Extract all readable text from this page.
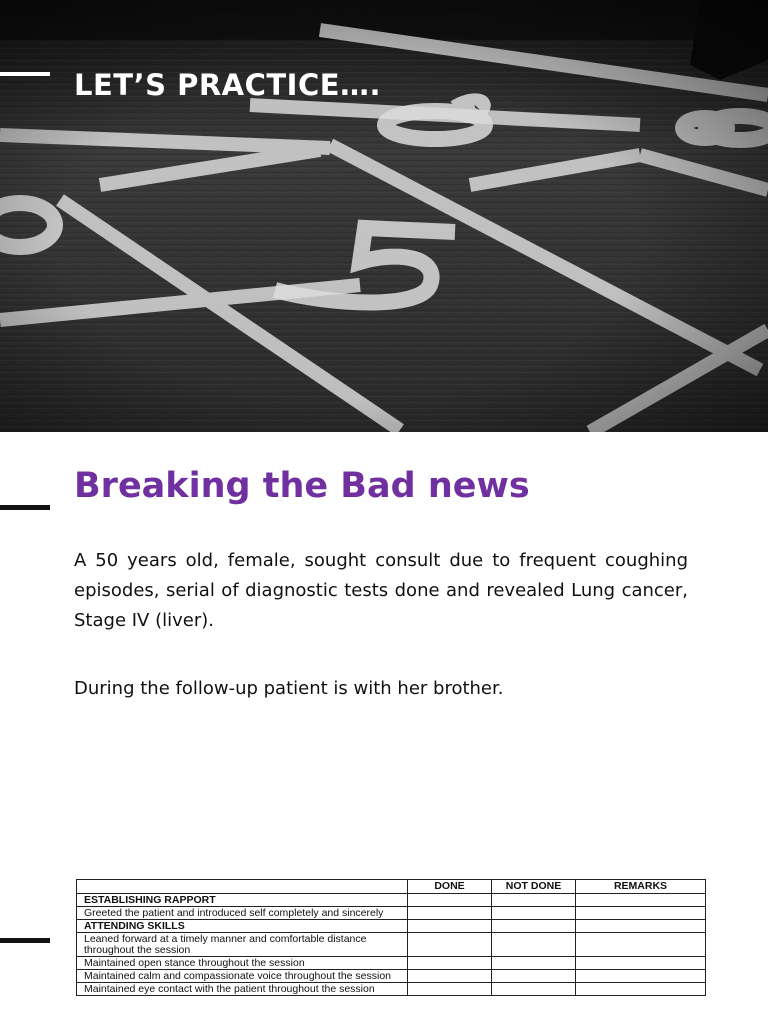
LET’S PRACTICE….
Breaking the Bad news
A 50 years old, female, sought consult due to frequent coughing episodes, serial of diagnostic tests done and revealed Lung cancer, Stage IV (liver).
During the follow-up patient is with her brother.
	DONE	NOT DONE	REMARKS
ESTABLISHING RAPPORT			
Greeted the patient and introduced self completely and sincerely			
ATTENDING SKILLS			
Leaned forward at a timely manner and comfortable distance throughout the session			
Maintained open stance throughout the session			
Maintained calm and compassionate voice throughout the session			
Maintained eye contact with the patient throughout the session			
